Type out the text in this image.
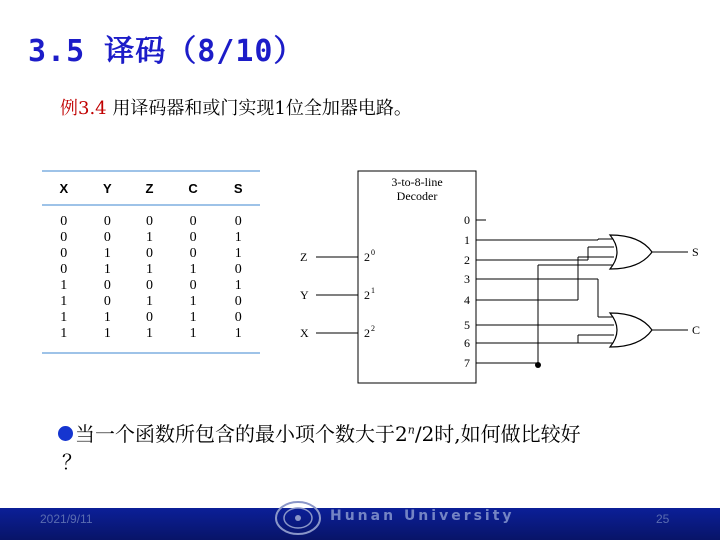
3.5 译码（8/10）
例3.4 用译码器和或门实现1位全加器电路。
X	Y	Z	C	S
0	0	0	0	0
0	0	1	0	1
0	1	0	0	1
0	1	1	1	0
1	0	0	0	1
1	0	1	1	0
1	1	0	1	0
1	1	1	1	1
3-to-8-line
Decoder
0
1
2
3
4
5
6
7
Z	2 0
Y	2 1
X	2 2
S
C
当一个函数所包含的最小项个数大于2$^n$/2时,如何做比较好
？
2021/9/11	Hunan University	25
